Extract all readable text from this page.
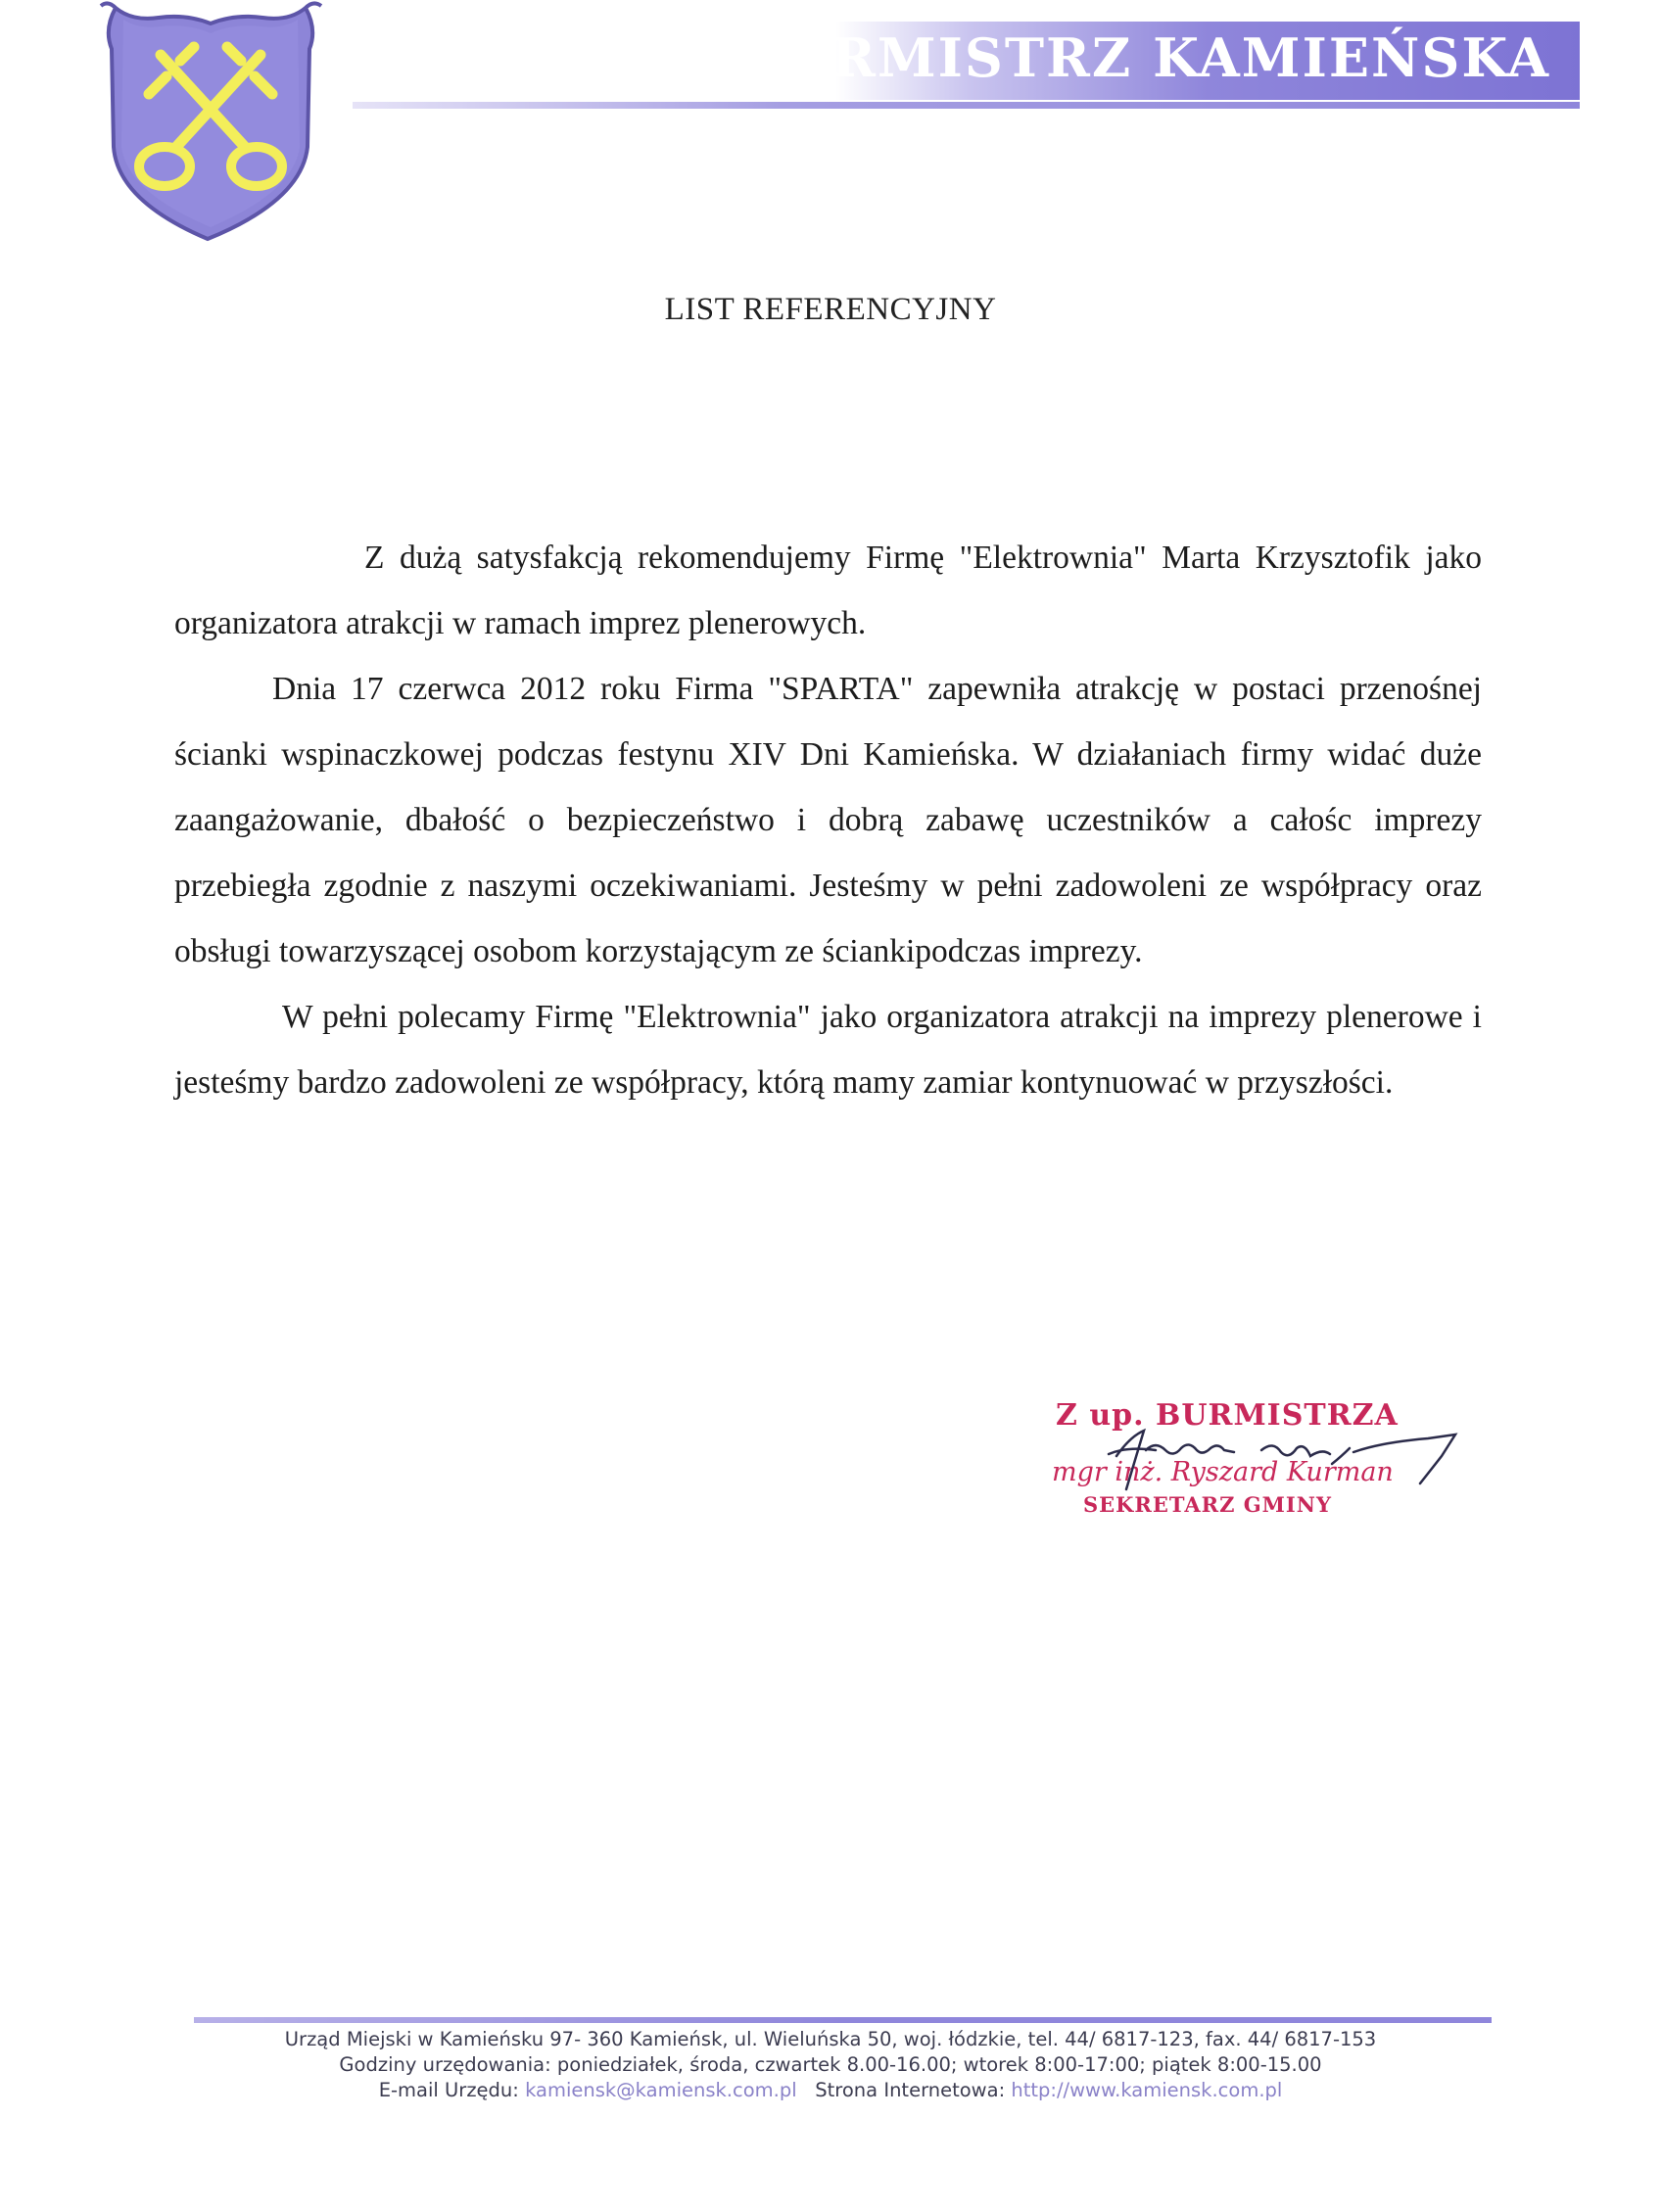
BURMISTRZ KAMIEŃSKA
LIST REFERENCYJNY

Z dużą satysfakcją rekomendujemy Firmę "Elektrownia" Marta Krzysztofik jako organizatora atrakcji w ramach imprez plenerowych.

Dnia 17 czerwca 2012 roku Firma "SPARTA" zapewniła atrakcję w postaci przenośnej ścianki wspinaczkowej podczas festynu XIV Dni Kamieńska. W działaniach firmy widać duże zaangażowanie, dbałość o bezpieczeństwo i dobrą zabawę uczestników a całośc imprezy przebiegła zgodnie z naszymi oczekiwaniami. Jesteśmy w pełni zadowoleni ze współpracy oraz obsługi towarzyszącej osobom korzystającym ze ściankipodczas imprezy.

W pełni polecamy Firmę "Elektrownia" jako organizatora atrakcji na imprezy plenerowe i jesteśmy bardzo zadowoleni ze współpracy, którą mamy zamiar kontynuować w przyszłości.

Z up. BURMISTRZA
mgr inż. Ryszard Kurman
SEKRETARZ GMINY
Urząd Miejski w Kamieńsku 97- 360 Kamieńsk, ul. Wieluńska 50, woj. łódzkie, tel. 44/ 6817-123, fax. 44/ 6817-153
Godziny urzędowania: poniedziałek, środa, czwartek 8.00-16.00; wtorek 8:00-17:00; piątek 8:00-15.00
E-mail Urzędu: kamiensk@kamiensk.com.pl Strona Internetowa: http://www.kamiensk.com.pl
